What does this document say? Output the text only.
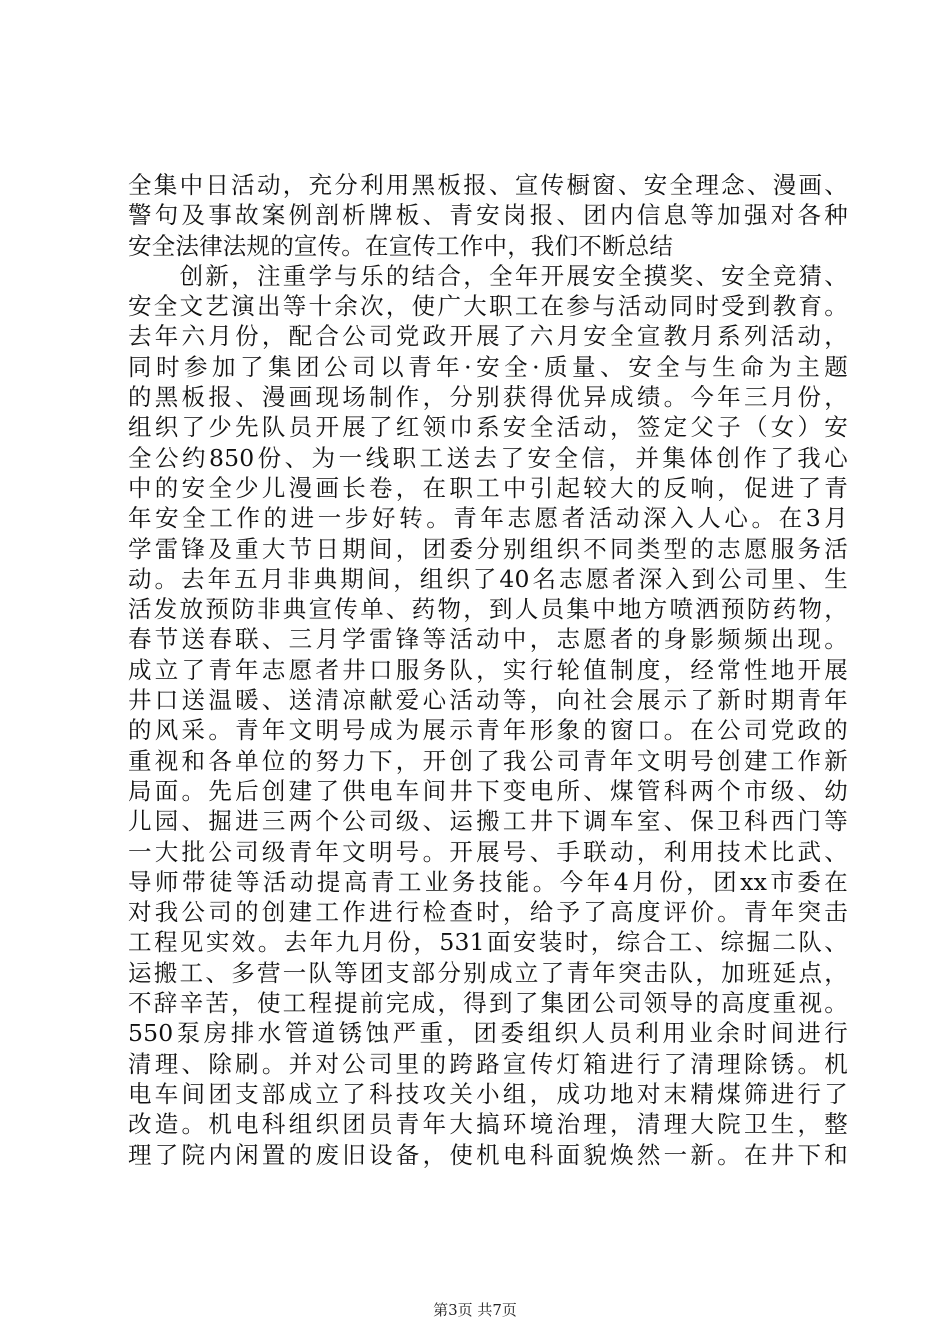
全集中日活动，充分利用黑板报、宣传橱窗、安全理念、漫画、
警句及事故案例剖析牌板、青安岗报、团内信息等加强对各种
安全法律法规的宣传。在宣传工作中，我们不断总结
　　创新，注重学与乐的结合，全年开展安全摸奖、安全竞猜、
安全文艺演出等十余次，使广大职工在参与活动同时受到教育。
去年六月份，配合公司党政开展了六月安全宣教月系列活动，
同时参加了集团公司以青年·安全·质量、安全与生命为主题
的黑板报、漫画现场制作，分别获得优异成绩。今年三月份，
组织了少先队员开展了红领巾系安全活动，签定父子（女）安
全公约850份、为一线职工送去了安全信，并集体创作了我心
中的安全少儿漫画长卷，在职工中引起较大的反响，促进了青
年安全工作的进一步好转。青年志愿者活动深入人心。在3月
学雷锋及重大节日期间，团委分别组织不同类型的志愿服务活
动。去年五月非典期间，组织了40名志愿者深入到公司里、生
活发放预防非典宣传单、药物，到人员集中地方喷洒预防药物，
春节送春联、三月学雷锋等活动中，志愿者的身影频频出现。
成立了青年志愿者井口服务队，实行轮值制度，经常性地开展
井口送温暖、送清凉献爱心活动等，向社会展示了新时期青年
的风采。青年文明号成为展示青年形象的窗口。在公司党政的
重视和各单位的努力下，开创了我公司青年文明号创建工作新
局面。先后创建了供电车间井下变电所、煤管科两个市级、幼
儿园、掘进三两个公司级、运搬工井下调车室、保卫科西门等
一大批公司级青年文明号。开展号、手联动，利用技术比武、
导师带徒等活动提高青工业务技能。今年4月份，团xx市委在
对我公司的创建工作进行检查时，给予了高度评价。青年突击
工程见实效。去年九月份，531面安装时，综合工、综掘二队、
运搬工、多营一队等团支部分别成立了青年突击队，加班延点，
不辞辛苦，使工程提前完成，得到了集团公司领导的高度重视。
550泵房排水管道锈蚀严重，团委组织人员利用业余时间进行
清理、除刷。并对公司里的跨路宣传灯箱进行了清理除锈。机
电车间团支部成立了科技攻关小组，成功地对末精煤筛进行了
改造。机电科组织团员青年大搞环境治理，清理大院卫生，整
理了院内闲置的废旧设备，使机电科面貌焕然一新。在井下和
第3页 共7页
